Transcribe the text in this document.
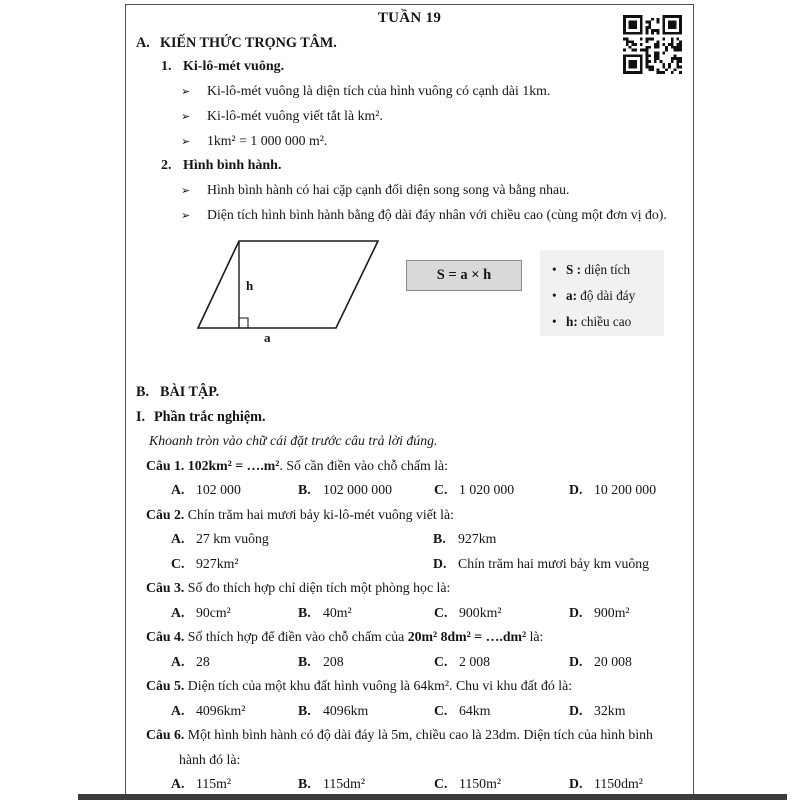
TUẦN 19
A. KIẾN THỨC TRỌNG TÂM.
1. Ki-lô-mét vuông.
➢	Ki-lô-mét vuông là diện tích của hình vuông có cạnh dài 1km.
➢	Ki-lô-mét vuông viết tắt là km².
➢	1km² = 1 000 000 m².
2. Hình bình hành.
➢	Hình bình hành có hai cặp cạnh đối diện song song và bằng nhau.
➢	Diện tích hình bình hành bằng độ dài đáy nhân với chiều cao (cùng một đơn vị đo).
h
a
S = a × h	• S : diện tích
• a: độ dài đáy
• h: chiều cao
B. BÀI TẬP.
I. Phần trắc nghiệm.
Khoanh tròn vào chữ cái đặt trước câu trả lời đúng.
Câu 1. 102km² = ….m². Số cần điền vào chỗ chấm là:
A. 102 000	B. 102 000 000	C. 1 020 000	D. 10 200 000
Câu 2. Chín trăm hai mươi bảy ki-lô-mét vuông viết là:
A. 27 km vuông	B. 927km
C. 927km²	D. Chín trăm hai mươi bảy km vuông
Câu 3. Số đo thích hợp chỉ diện tích một phòng học là:
A. 90cm²	B. 40m²	C. 900km²	D. 900m²
Câu 4. Số thích hợp để điền vào chỗ chấm của 20m² 8dm² = ….dm² là:
A. 28	B. 208	C. 2 008	D. 20 008
Câu 5. Diện tích của một khu đất hình vuông là 64km². Chu vi khu đất đó là:
A. 4096km²	B. 4096km	C. 64km	D. 32km
Câu 6. Một hình bình hành có độ dài đáy là 5m, chiều cao là 23dm. Diện tích của hình bình
hành đó là:
A. 115m²	B. 115dm²	C. 1150m²	D. 1150dm²
